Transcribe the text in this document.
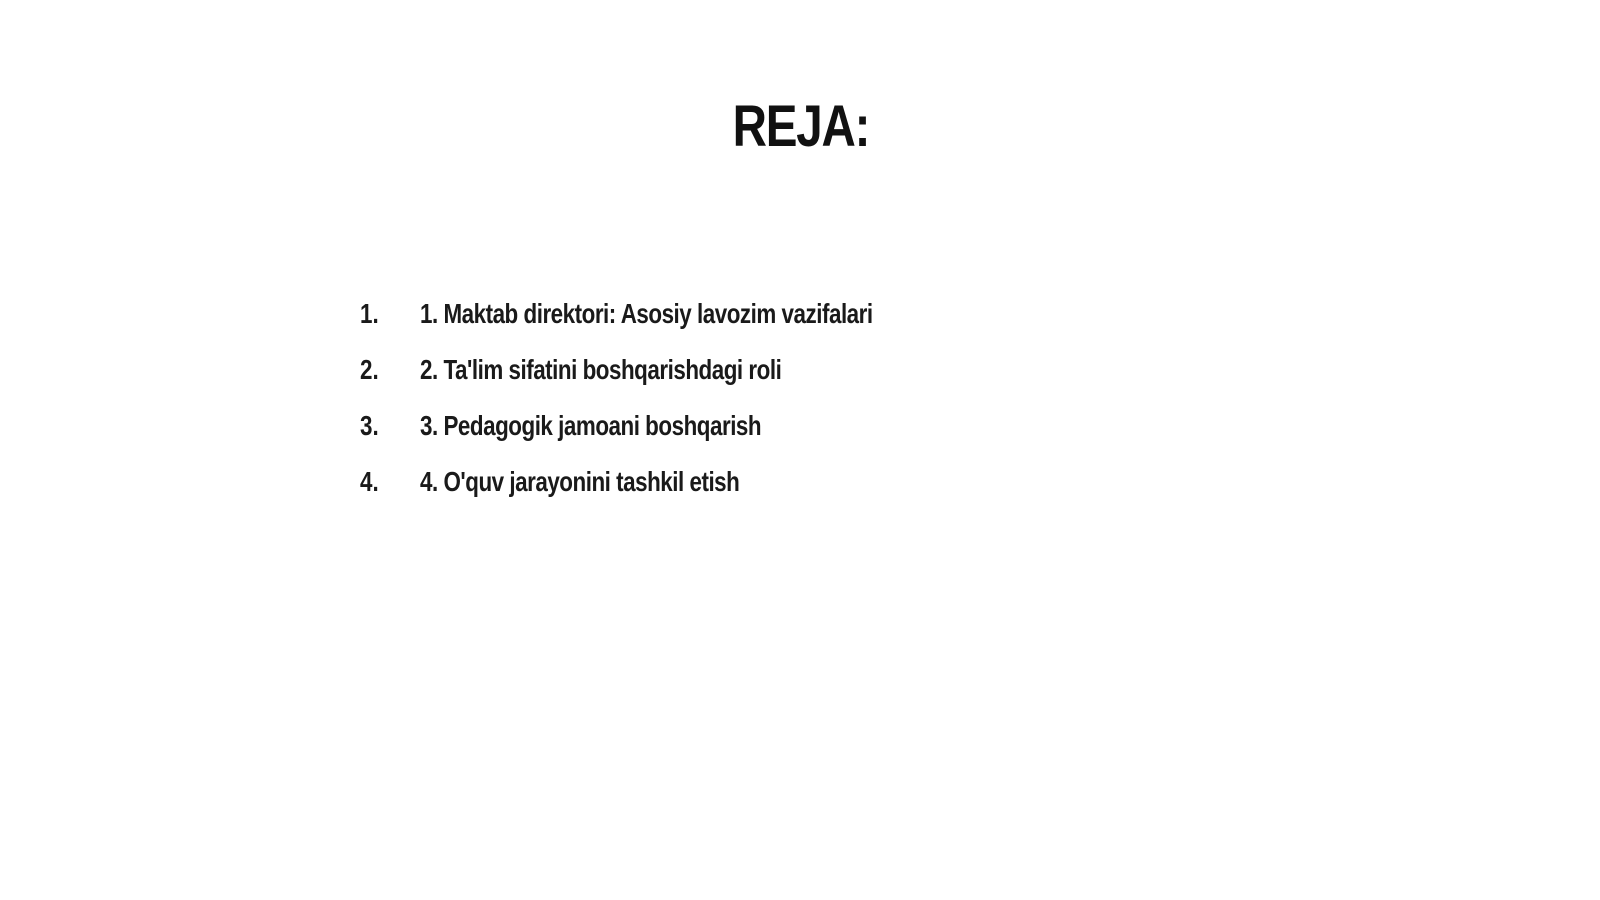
REJA:
1. 1. Maktab direktori: Asosiy lavozim vazifalari
2. 2. Ta'lim sifatini boshqarishdagi roli
3. 3. Pedagogik jamoani boshqarish
4. 4. O'quv jarayonini tashkil etish
